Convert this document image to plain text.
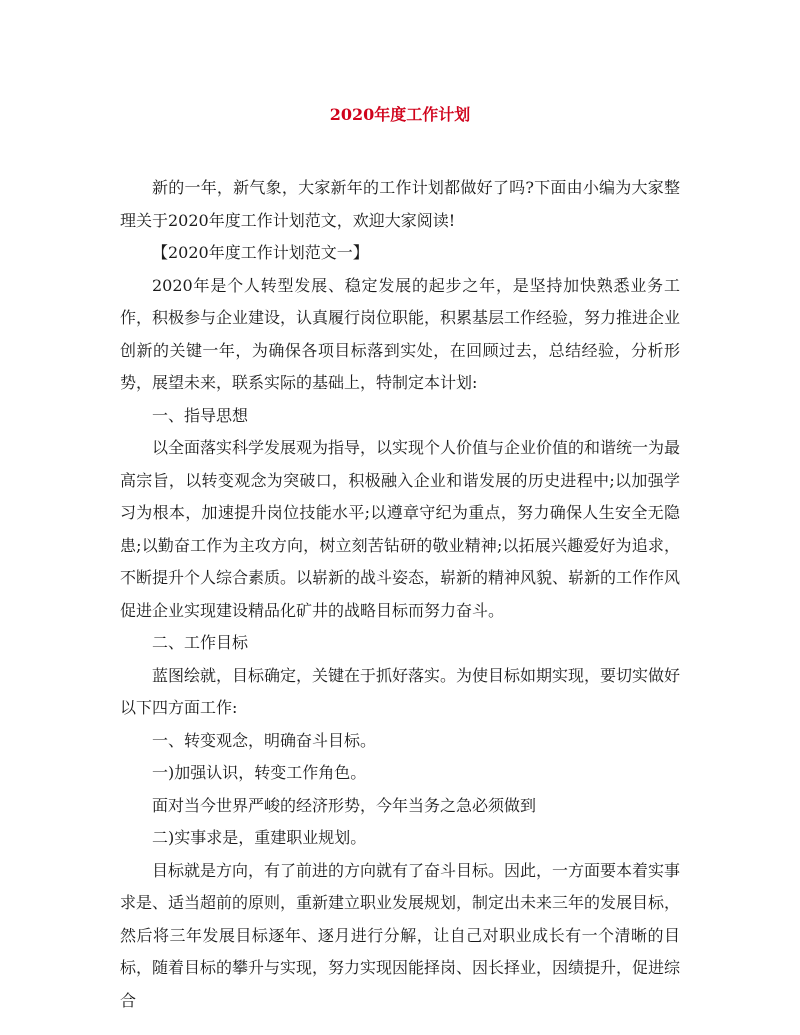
2020年度工作计划

新的一年，新气象，大家新年的工作计划都做好了吗?下面由小编为大家整理关于2020年度工作计划范文，欢迎大家阅读!

【2020年度工作计划范文一】

2020年是个人转型发展、稳定发展的起步之年，是坚持加快熟悉业务工作，积极参与企业建设，认真履行岗位职能，积累基层工作经验，努力推进企业创新的关键一年，为确保各项目标落到实处，在回顾过去，总结经验，分析形势，展望未来，联系实际的基础上，特制定本计划:

一、指导思想

以全面落实科学发展观为指导，以实现个人价值与企业价值的和谐统一为最高宗旨，以转变观念为突破口，积极融入企业和谐发展的历史进程中;以加强学习为根本，加速提升岗位技能水平;以遵章守纪为重点，努力确保人生安全无隐患;以勤奋工作为主攻方向，树立刻苦钻研的敬业精神;以拓展兴趣爱好为追求，不断提升个人综合素质。以崭新的战斗姿态，崭新的精神风貌、崭新的工作作风促进企业实现建设精品化矿井的战略目标而努力奋斗。

二、工作目标

蓝图绘就，目标确定，关键在于抓好落实。为使目标如期实现，要切实做好以下四方面工作:

一、转变观念，明确奋斗目标。

一)加强认识，转变工作角色。

面对当今世界严峻的经济形势，今年当务之急必须做到

二)实事求是，重建职业规划。

目标就是方向，有了前进的方向就有了奋斗目标。因此，一方面要本着实事求是、适当超前的原则，重新建立职业发展规划，制定出未来三年的发展目标，然后将三年发展目标逐年、逐月进行分解，让自己对职业成长有一个清晰的目标，随着目标的攀升与实现，努力实现因能择岗、因长择业，因绩提升，促进综合
